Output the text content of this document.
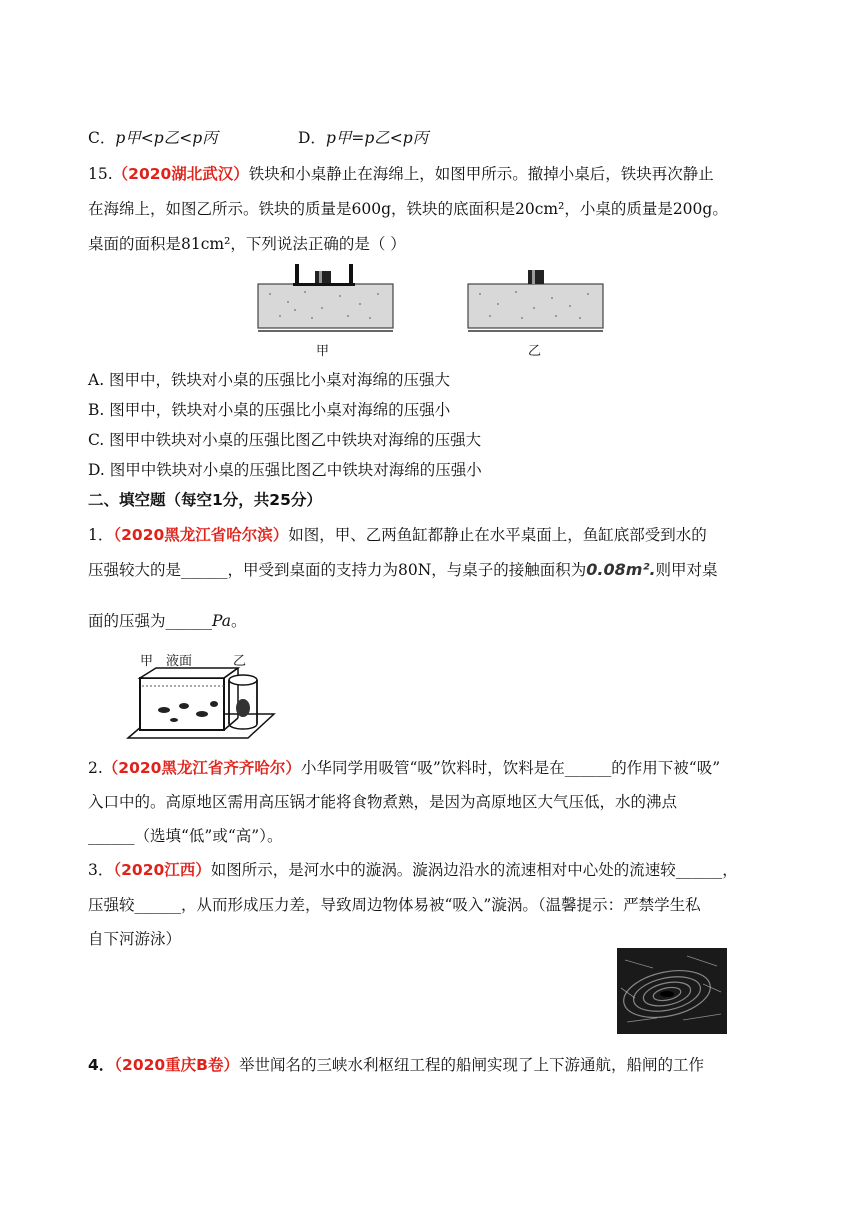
C．p甲<p乙<p丙	D．p甲=p乙<p丙
15.（2020湖北武汉）铁块和小桌静止在海绵上，如图甲所示。撤掉小桌后，铁块再次静止
在海绵上，如图乙所示。铁块的质量是600g，铁块的底面积是20cm²，小桌的质量是200g。
桌面的面积是81cm²，下列说法正确的是（ ）
甲	乙
A. 图甲中，铁块对小桌的压强比小桌对海绵的压强大
B. 图甲中，铁块对小桌的压强比小桌对海绵的压强小
C. 图甲中铁块对小桌的压强比图乙中铁块对海绵的压强大
D. 图甲中铁块对小桌的压强比图乙中铁块对海绵的压强小
二、填空题（每空1分，共25分）
1．（2020黑龙江省哈尔滨）如图，甲、乙两鱼缸都静止在水平桌面上，鱼缸底部受到水的
压强较大的是______，甲受到桌面的支持力为80N，与桌子的接触面积为0.08m².则甲对桌
面的压强为______Pa。
甲 液面	乙
2.（2020黑龙江省齐齐哈尔）小华同学用吸管“吸”饮料时，饮料是在______的作用下被“吸”
入口中的。高原地区需用高压锅才能将食物煮熟，是因为高原地区大气压低，水的沸点
______（选填“低”或“高”）。
3．（2020江西）如图所示，是河水中的漩涡。漩涡边沿水的流速相对中心处的流速较______，
压强较______，从而形成压力差，导致周边物体易被“吸入”漩涡。（温馨提示：严禁学生私
自下河游泳）
4．（2020重庆B卷）举世闻名的三峡水利枢纽工程的船闸实现了上下游通航，船闸的工作
